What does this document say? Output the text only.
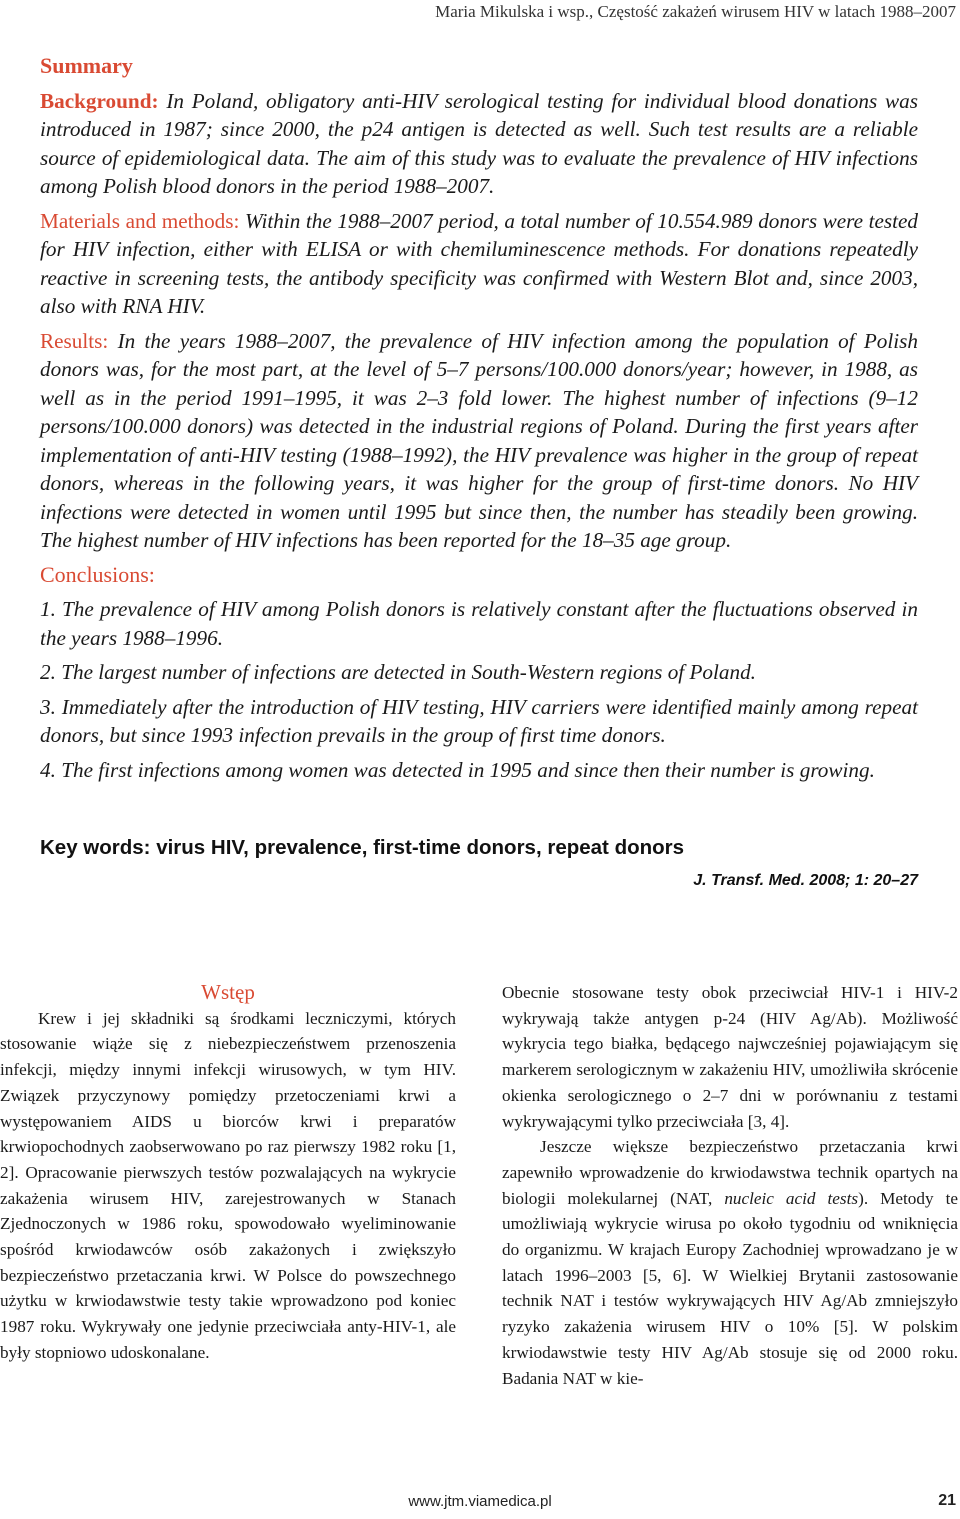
Maria Mikulska i wsp., Częstość zakażeń wirusem HIV w latach 1988–2007

Summary

Background: In Poland, obligatory anti-HIV serological testing for individual blood donations was introduced in 1987; since 2000, the p24 antigen is detected as well. Such test results are a reliable source of epidemiological data. The aim of this study was to evaluate the prevalence of HIV infections among Polish blood donors in the period 1988–2007.

Materials and methods: Within the 1988–2007 period, a total number of 10.554.989 donors were tested for HIV infection, either with ELISA or with chemiluminescence methods. For donations repeatedly reactive in screening tests, the antibody specificity was confirmed with Western Blot and, since 2003, also with RNA HIV.

Results: In the years 1988–2007, the prevalence of HIV infection among the population of Polish donors was, for the most part, at the level of 5–7 persons/100.000 donors/year; however, in 1988, as well as in the period 1991–1995, it was 2–3 fold lower. The highest number of infections (9–12 persons/100.000 donors) was detected in the industrial regions of Poland. During the first years after implementation of anti-HIV testing (1988–1992), the HIV prevalence was higher in the group of repeat donors, whereas in the following years, it was higher for the group of first-time donors. No HIV infections were detected in women until 1995 but since then, the number has steadily been growing. The highest number of HIV infections has been reported for the 18–35 age group.

Conclusions:

1. The prevalence of HIV among Polish donors is relatively constant after the fluctuations observed in the years 1988–1996.

2. The largest number of infections are detected in South-Western regions of Poland.

3. Immediately after the introduction of HIV testing, HIV carriers were identified mainly among repeat donors, but since 1993 infection prevails in the group of first time donors.

4. The first infections among women was detected in 1995 and since then their number is growing.

Key words: virus HIV, prevalence, first-time donors, repeat donors
J. Transf. Med. 2008; 1: 20–27

Wstęp

Krew i jej składniki są środkami leczniczymi, których stosowanie wiąże się z niebezpieczeństwem przenoszenia infekcji, między innymi infekcji wirusowych, w tym HIV. Związek przyczynowy pomiędzy przetoczeniami krwi a występowaniem AIDS u biorców krwi i preparatów krwiopochodnych zaobserwowano po raz pierwszy 1982 roku [1, 2]. Opracowanie pierwszych testów pozwalających na wykrycie zakażenia wirusem HIV, zarejestrowanych w Stanach Zjednoczonych w 1986 roku, spowodowało wyeliminowanie spośród krwiodawców osób zakażonych i zwiększyło bezpieczeństwo przetaczania krwi. W Polsce do powszechnego użytku w krwiodawstwie testy takie wprowadzono pod koniec 1987 roku. Wykrywały one jedynie przeciwciała anty-HIV-1, ale były stopniowo udoskonalane.

Obecnie stosowane testy obok przeciwciał HIV-1 i HIV-2 wykrywają także antygen p-24 (HIV Ag/Ab). Możliwość wykrycia tego białka, będącego najwcześniej pojawiającym się markerem serologicznym w zakażeniu HIV, umożliwiła skrócenie okienka serologicznego o 2–7 dni w porównaniu z testami wykrywającymi tylko przeciwciała [3, 4].

Jeszcze większe bezpieczeństwo przetaczania krwi zapewniło wprowadzenie do krwiodawstwa technik opartych na biologii molekularnej (NAT, nucleic acid tests). Metody te umożliwiają wykrycie wirusa po około tygodniu od wniknięcia do organizmu. W krajach Europy Zachodniej wprowadzano je w latach 1996–2003 [5, 6]. W Wielkiej Brytanii zastosowanie technik NAT i testów wykrywających HIV Ag/Ab zmniejszyło ryzyko zakażenia wirusem HIV o 10% [5]. W polskim krwiodawstwie testy HIV Ag/Ab stosuje się od 2000 roku. Badania NAT w kie-

www.jtm.viamedica.pl	21
